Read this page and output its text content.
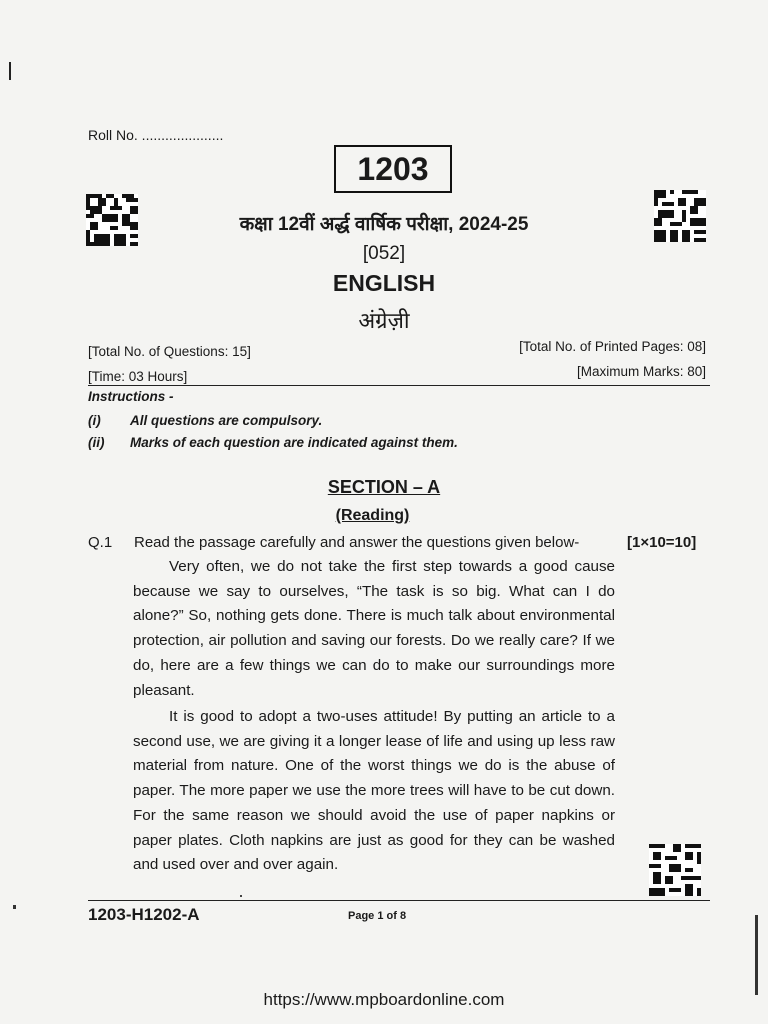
Roll No. .....................
1203
कक्षा 12वीं अर्द्ध वार्षिक परीक्षा, 2024-25
[052]
ENGLISH
अंग्रेज़ी
[Total No. of Questions: 15]	[Total No. of Printed Pages: 08]
[Time: 03 Hours]	[Maximum Marks: 80]
Instructions -
(i) All questions are compulsory.
(ii) Marks of each question are indicated against them.
SECTION – A
(Reading)
Q.1 Read the passage carefully and answer the questions given below-	[1×10=10]
Very often, we do not take the first step towards a good cause because we say to ourselves, “The task is so big. What can I do alone?” So, nothing gets done. There is much talk about environmental protection, air pollution and saving our forests. Do we really care? If we do, here are a few things we can do to make our surroundings more pleasant.
It is good to adopt a two-uses attitude! By putting an article to a second use, we are giving it a longer lease of life and using up less raw material from nature. One of the worst things we do is the abuse of paper. The more paper we use the more trees will have to be cut down. For the same reason we should avoid the use of paper napkins or paper plates. Cloth napkins are just as good for they can be washed and used over and over again.
1203-H1202-A	Page 1 of 8
https://www.mpboardonline.com
